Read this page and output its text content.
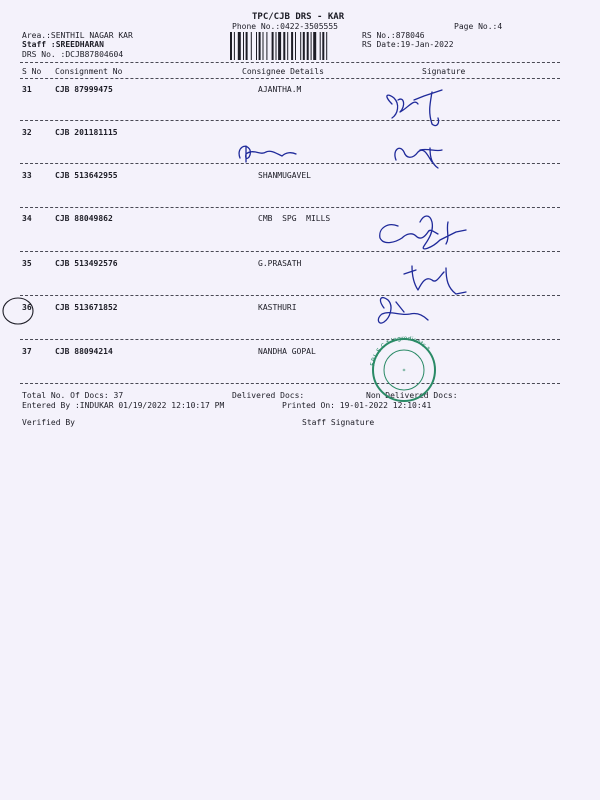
TPC/CJB DRS - KAR
Phone No.:0422-3505555	Page No.:4
Area.:SENTHIL NAGAR KAR
Staff :SREEDHARAN
DRS No. :DCJB87804604
RS No.:878046
RS Date:19-Jan-2022
S No Consignment No	Consignee Details	Signature
31	CJB 87999475	AJANTHA.M
32	CJB 201181115
33	CJB 513642955	SHANMUGAVEL
34	CJB 88049862	CMB  SPG  MILLS
35	CJB 513492576	G.PRASATH
36	CJB 513671852	KASTHURI
37	CJB 88094214	NANDHA GOPAL
Total No. Of Docs: 37	Delivered Docs:	Non Delivered Docs:
Entered By :INDUKAR 01/19/2022 12:10:17 PM	Printed On: 19-01-2022 12:10:41
Verified By	Staff Signature
F.P.L.S.C * Ingredients *
*
